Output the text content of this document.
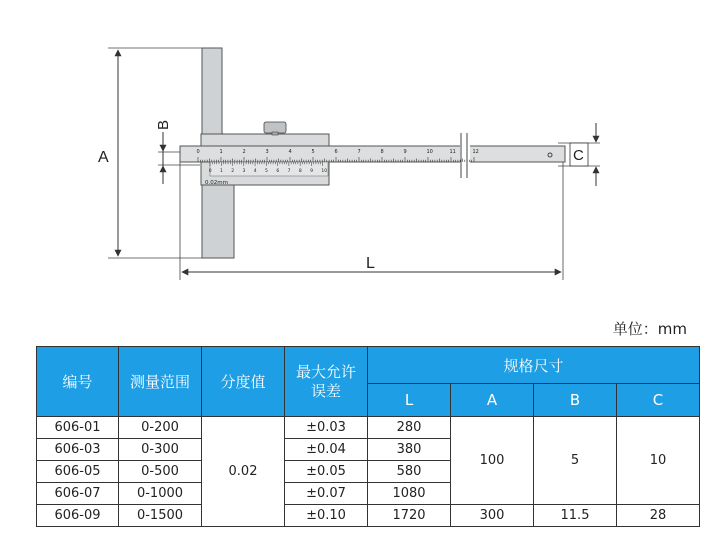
A
B
L
C
0	1	2	3	4	5	6	7	8	9	10	11	12
0 1 2 3 4 5 6 7 8 9 10
0.02mm
单位：mm
编号	测量范围	分度值	最大允许误差	规格尺寸			
				L	A	B	C
606-01	0-200	0.02	±0.03	280	100	5	10
606-03	0-300		±0.04	380			
606-05	0-500		±0.05	580			
606-07	0-1000		±0.07	1080			
606-09	0-1500		±0.10	1720	300	11.5	28
